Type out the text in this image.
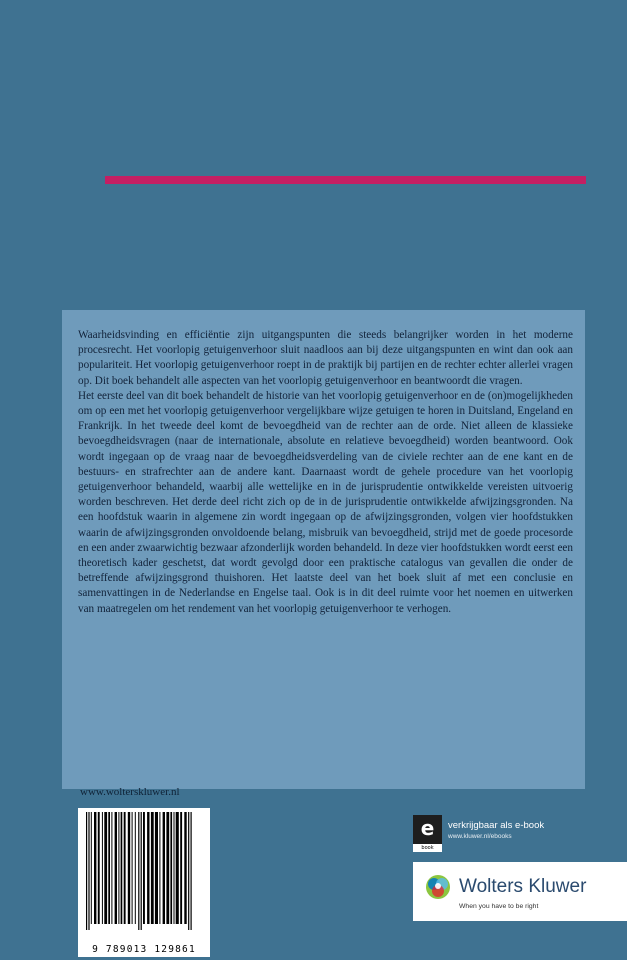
Waarheidsvinding en efficiëntie zijn uitgangspunten die steeds belangrijker worden in het moderne procesrecht. Het voorlopig getuigenverhoor sluit naadloos aan bij deze uitgangspunten en wint dan ook aan populariteit. Het voorlopig getuigenverhoor roept in de praktijk bij partijen en de rechter echter allerlei vragen op. Dit boek behandelt alle aspecten van het voorlopig getuigenverhoor en beantwoordt die vragen.

Het eerste deel van dit boek behandelt de historie van het voorlopig getuigenverhoor en de (on)mogelijkheden om op een met het voorlopig getuigenverhoor vergelijkbare wijze getuigen te horen in Duitsland, Engeland en Frankrijk. In het tweede deel komt de bevoegdheid van de rechter aan de orde. Niet alleen de klassieke bevoegdheidsvragen (naar de internationale, absolute en relatieve bevoegdheid) worden beantwoord. Ook wordt ingegaan op de vraag naar de bevoegdheidsverdeling van de civiele rechter aan de ene kant en de bestuurs- en strafrechter aan de andere kant. Daarnaast wordt de gehele procedure van het voorlopig getuigenverhoor behandeld, waarbij alle wettelijke en in de jurisprudentie ontwikkelde vereisten uitvoerig worden beschreven. Het derde deel richt zich op de in de jurisprudentie ontwikkelde afwijzingsgronden. Na een hoofdstuk waarin in algemene zin wordt ingegaan op de afwijzingsgronden, volgen vier hoofdstukken waarin de afwijzingsgronden onvoldoende belang, misbruik van bevoegdheid, strijd met de goede procesorde en een ander zwaarwichtig bezwaar afzonderlijk worden behandeld. In deze vier hoofdstukken wordt eerst een theoretisch kader geschetst, dat wordt gevolgd door een praktische catalogus van gevallen die onder de betreffende afwijzingsgrond thuishoren. Het laatste deel van het boek sluit af met een conclusie en samenvattingen in de Nederlandse en Engelse taal. Ook is in dit deel ruimte voor het noemen en uitwerken van maatregelen om het rendement van het voorlopig getuigenverhoor te verhogen.

www.wolterskluwer.nl
9 789013 129861
e
book
verkrijgbaar als e-book
www.kluwer.nl/ebooks
Wolters Kluwer
When you have to be right
